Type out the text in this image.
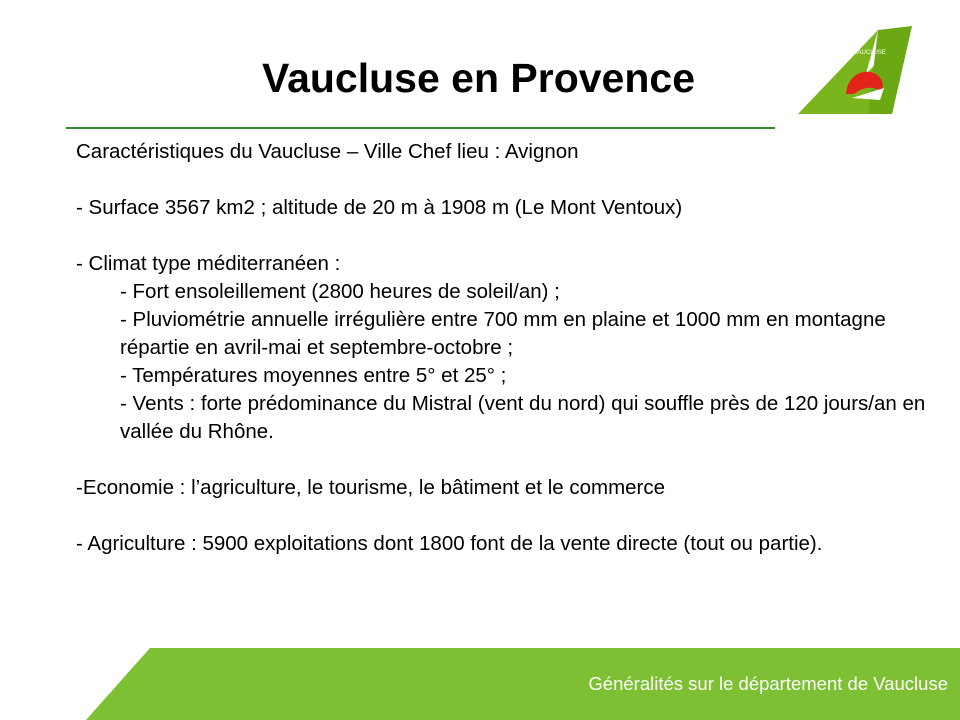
Vaucluse en Provence
VAUCLUSE

Caractéristiques du Vaucluse – Ville Chef lieu : Avignon

- Surface 3567 km2 ; altitude de 20 m à 1908 m (Le Mont Ventoux)

- Climat type méditerranéen :

- Fort ensoleillement (2800 heures de soleil/an) ;

- Pluviométrie annuelle irrégulière entre 700 mm en plaine et 1000 mm en montagne répartie en avril-mai et septembre-octobre ;

- Températures moyennes entre 5° et 25° ;

- Vents : forte prédominance du Mistral (vent du nord) qui souffle près de 120 jours/an en vallée du Rhône.

-Economie : l’agriculture, le tourisme, le bâtiment et le commerce

- Agriculture : 5900 exploitations dont 1800 font de la vente directe (tout ou partie).

Généralités sur le département de Vaucluse
